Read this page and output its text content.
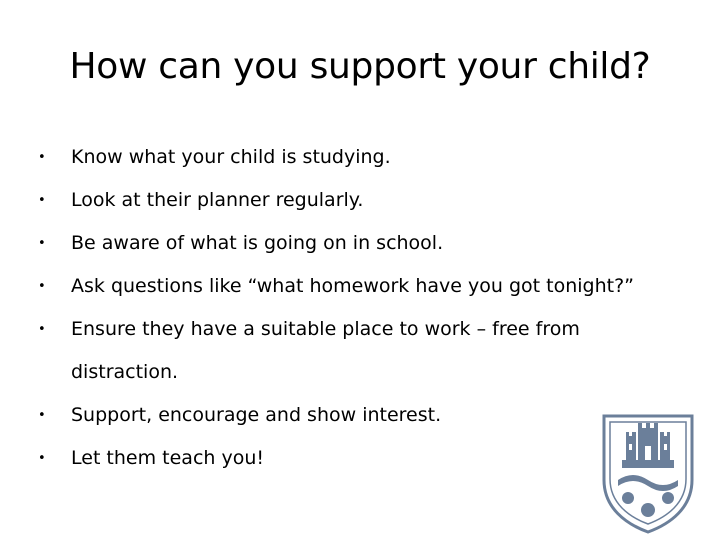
How can you support your child?
• Know what your child is studying.
• Look at their planner regularly.
• Be aware of what is going on in school.
• Ask questions like “what homework have you got tonight?”
• Ensure they have a suitable place to work – free from
distraction.
• Support, encourage and show interest.
• Let them teach you!
